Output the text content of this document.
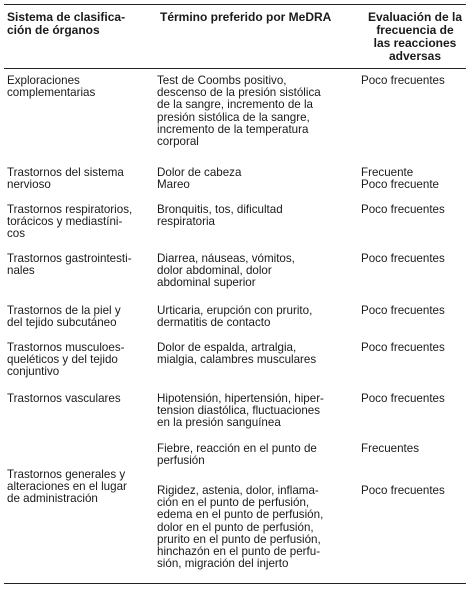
Sistema de clasifica-
ción de órganos
Término preferido por MeDRA	Evaluación de la
frecuencia de
las reacciones
adversas
Exploraciones
complementarias
Test de Coombs positivo,
descenso de la presión sistólica
de la sangre, incremento de la
presión sistólica de la sangre,
incremento de la temperatura
corporal
Poco frecuentes
Trastornos del sistema
nervioso
Dolor de cabeza
Mareo
Frecuente
Poco frecuente
Trastornos respiratorios,
torácicos y mediastíni-
cos
Bronquitis, tos, dificultad
respiratoria
Poco frecuentes
Trastornos gastrointesti-
nales
Diarrea, náuseas, vómitos,
dolor abdominal, dolor
abdominal superior
Poco frecuentes
Trastornos de la piel y
del tejido subcutáneo
Urticaria, erupción con prurito,
dermatitis de contacto
Poco frecuentes
Trastornos musculoes-
queléticos y del tejido
conjuntivo
Dolor de espalda, artralgia,
mialgia, calambres musculares
Poco frecuentes
Trastornos vasculares	Hipotensión, hipertensión, hiper-
tension diastólica, fluctuaciones
en la presión sanguínea
Poco frecuentes
Trastornos generales y
alteraciones en el lugar
de administración
Fiebre, reacción en el punto de
perfusión
Frecuentes
Rigidez, astenia, dolor, inflama-
ción en el punto de perfusión,
edema en el punto de perfusión,
dolor en el punto de perfusión,
prurito en el punto de perfusión,
hinchazón en el punto de perfu-
sión, migración del injerto
Poco frecuentes
